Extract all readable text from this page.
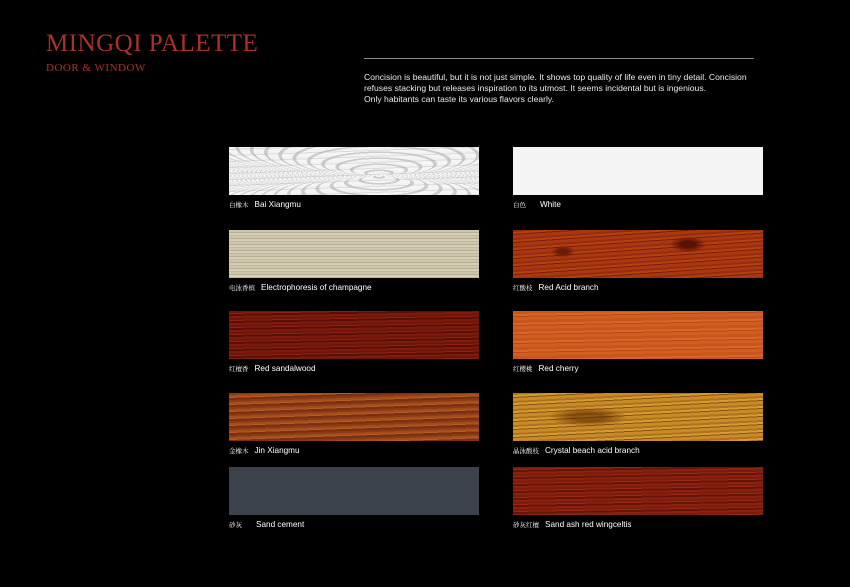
MINGQI PALETTE
DOOR & WINDOW

Concision is beautiful, but it is not just simple. It shows top quality of life even in tiny detail. Concision refuses stacking but releases inspiration to its utmost. It seems incidental but is ingenious.

Only habitants can taste its various flavors clearly.

白橡木 Bai Xiangmu	白色 White
电泳香槟 Electrophoresis of champagne	红酸枝 Red Acid branch
红檀香 Red sandalwood	红樱桃 Red cherry
金橡木 Jin Xiangmu	晶泳酸枝 Crystal beach acid branch
砂灰 Sand cement	砂灰红檀 Sand ash red wingceltis
